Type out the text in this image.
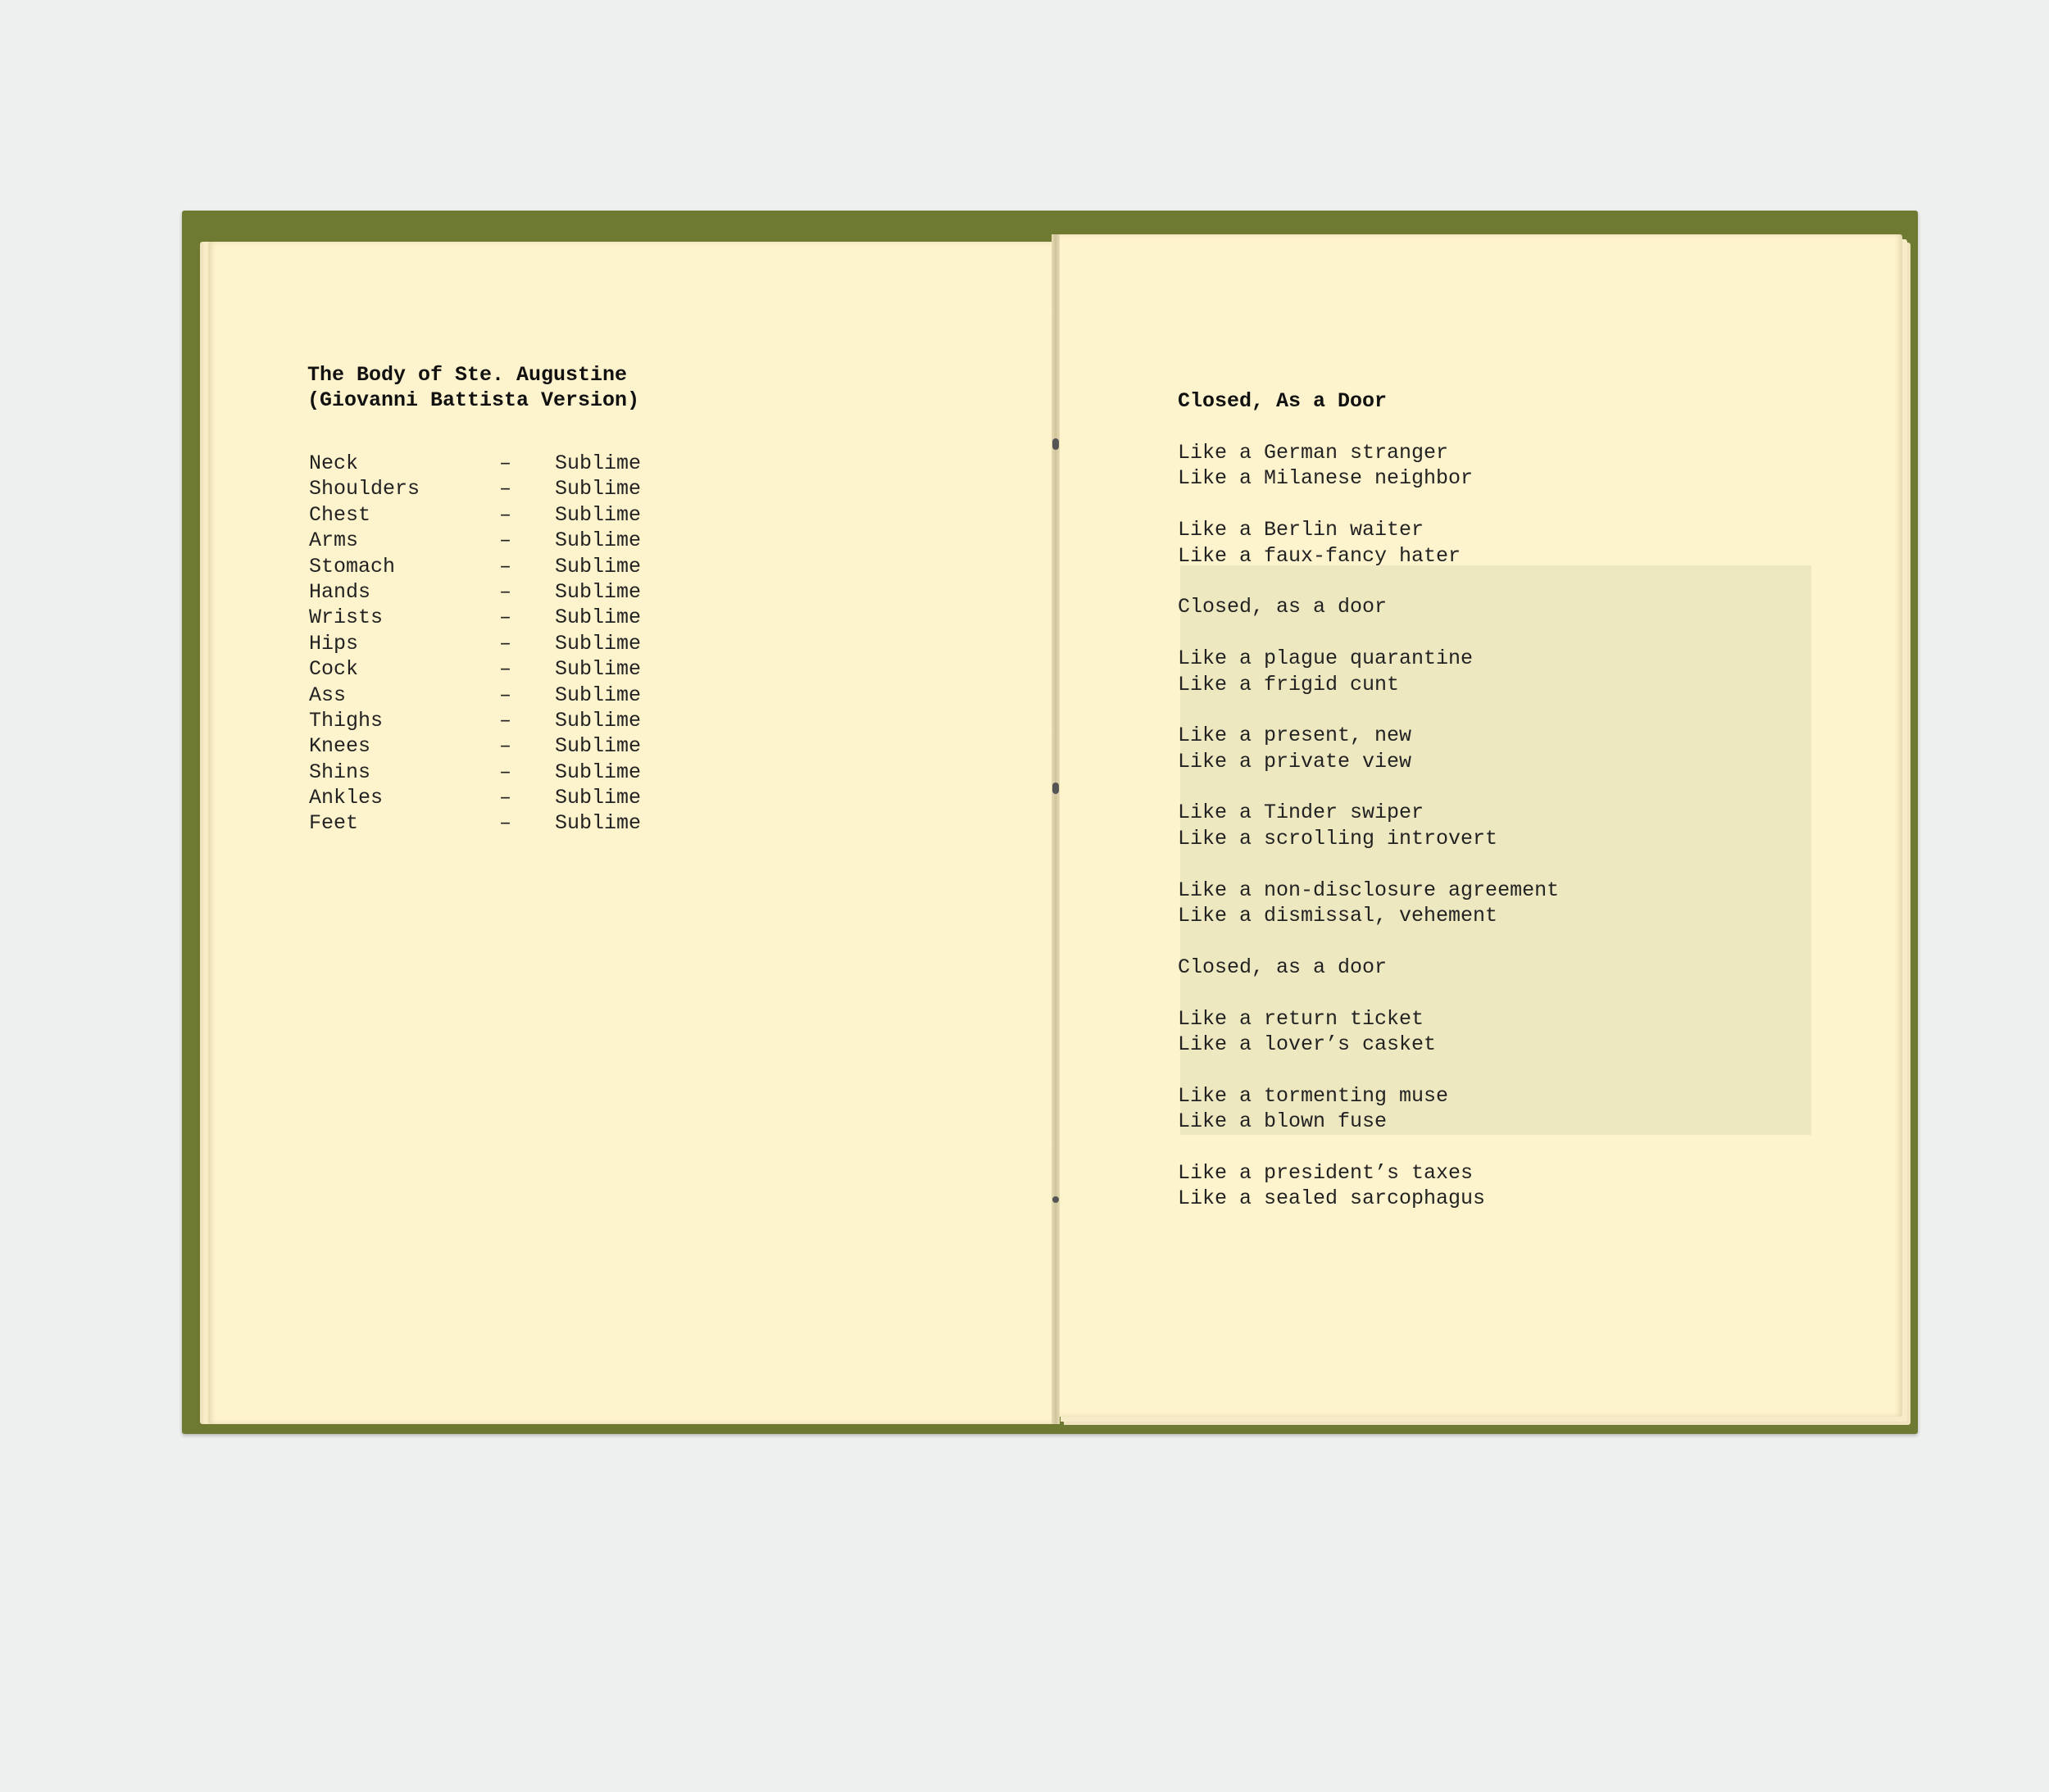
The Body of Ste. Augustine

(Giovanni Battista Version)

Neck	–	Sublime
Shoulders	–	Sublime
Chest	–	Sublime
Arms	–	Sublime
Stomach	–	Sublime
Hands	–	Sublime
Wrists	–	Sublime
Hips	–	Sublime
Cock	–	Sublime
Ass	–	Sublime
Thighs	–	Sublime
Knees	–	Sublime
Shins	–	Sublime
Ankles	–	Sublime
Feet	–	Sublime
Closed, As a Door
Like a German stranger
Like a Milanese neighbor
Like a Berlin waiter
Like a faux-fancy hater
Closed, as a door
Like a plague quarantine
Like a frigid cunt
Like a present, new
Like a private view
Like a Tinder swiper
Like a scrolling introvert
Like a non-disclosure agreement
Like a dismissal, vehement
Closed, as a door
Like a return ticket
Like a lover’s casket
Like a tormenting muse
Like a blown fuse
Like a president’s taxes
Like a sealed sarcophagus
